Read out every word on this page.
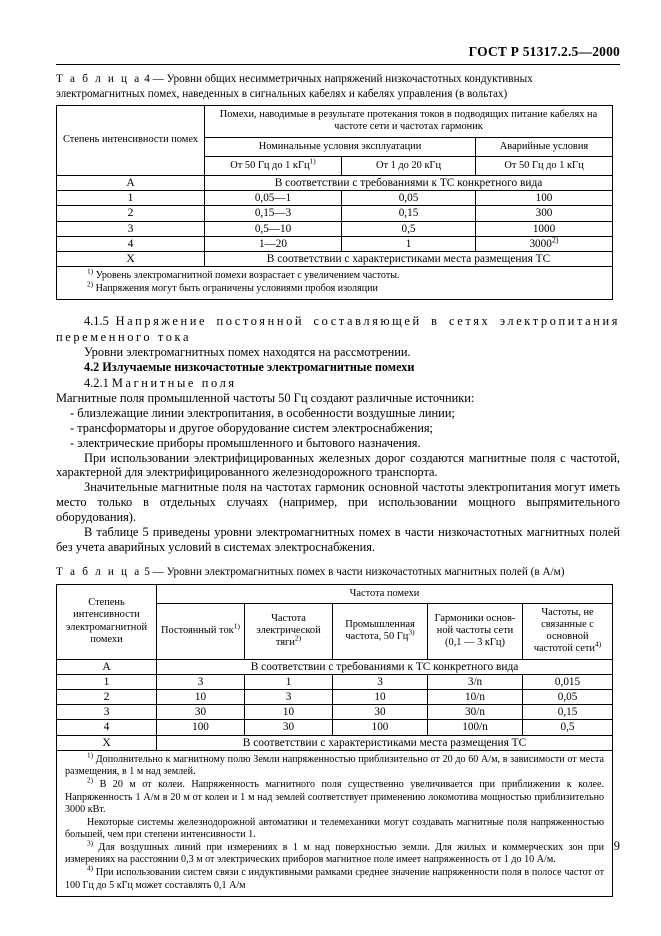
ГОСТ Р 51317.2.5—2000
Т а б л и ц а 4 — Уровни общих несимметричных напряжений низкочастотных кондуктивных электромагнитных помех, наведенных в сигнальных кабелях и кабелях управления (в вольтах)
Степень интенсивности помех	Помехи, наводимые в результате протекания токов в подводящих питание кабелях на частоте сети и частотах гармоник		
	Номинальные условия эксплуатации		Аварийные условия
	От 50 Гц до 1 кГц$^{1)}$	От 1 до 20 кГц	От 50 Гц до 1 кГц
А	В соответствии с требованиями к ТС конкретного вида		
1	0,05—1	0,05	100
2	0,15—3	0,15	300
3	0,5—10	0,5	1000
4	1—20	1	3000$^{2)}$
X	В соответствии с характеристиками места размещения ТС		

$^{1)}$ Уровень электромагнитной помехи возрастает с увеличением частоты.

$^{2)}$ Напряжения могут быть ограничены условиями пробоя изоляции			

4.1.5 Напряжение постоянной составляющей в сетях электропитания переменного тока

Уровни электромагнитных помех находятся на рассмотрении.

4.2 Излучаемые низкочастотные электромагнитные помехи

4.2.1 Магнитные поля

Магнитные поля промышленной частоты 50 Гц создают различные источники:

- близлежащие линии электропитания, в особенности воздушные линии;

- трансформаторы и другое оборудование систем электроснабжения;

- электрические приборы промышленного и бытового назначения.

При использовании электрифицированных железных дорог создаются магнитные поля с частотой, характерной для электрифицированного железнодорожного транспорта.

Значительные магнитные поля на частотах гармоник основной частоты электропитания могут иметь место только в отдельных случаях (например, при использовании мощного выпрямительного оборудования).

В таблице 5 приведены уровни электромагнитных помех в части низкочастотных магнитных полей без учета аварийных условий в системах электроснабжения.

Т а б л и ц а 5 — Уровни электромагнитных помех в части низкочастотных магнитных полей (в А/м)
Степень интенсивности электромагнитной помехи	Частота помехи				
	Постоянный ток$^{1)}$	Частота электрической тяги$^{2)}$	Промышленная частота, 50 $Гц^{3)}$	Гармоники основ- ной частоты сети (0,1 — 3 кГц)	Частоты, не связанные с основной частотой сети$^{4)}$
А	В соответствии с требованиями к ТС конкретного вида				
1	3	1	3	3/n	0,015
2	10	3	10	10/n	0,05
3	30	10	30	30/n	0,15
4	100	30	100	100/n	0,5
X	В соответствии с характеристиками места размещения ТС				

$^{1)}$ Дополнительно к магнитному полю Земли напряженностью приблизительно от 20 до 60 А/м, в зависимости от места размещения, в 1 м над землей.

$^{2)}$ В 20 м от колеи. Напряженность магнитного поля существенно увеличивается при приближении к колее. Напряженность 1 А/м в 20 м от колеи и 1 м над землей соответствует применению локомотива мощностью приблизительно 3000 кВт.

Некоторые системы железнодорожной автоматики и телемеханики могут создавать магнитные поля напряженностью большей, чем при степени интенсивности 1.

$^{3)}$ Для воздушных линий при измерениях в 1 м над поверхностью земли. Для жилых и коммерческих зон при измерениях на расстоянии 0,3 м от электрических приборов магнитное поле имеет напряженность от 1 до 10 А/м.

$^{4)}$ При использовании систем связи с индуктивными рамками среднее значение напряженности поля в полосе частот от 100 Гц до 5 кГц может составлять 0,1 А/м					

9
